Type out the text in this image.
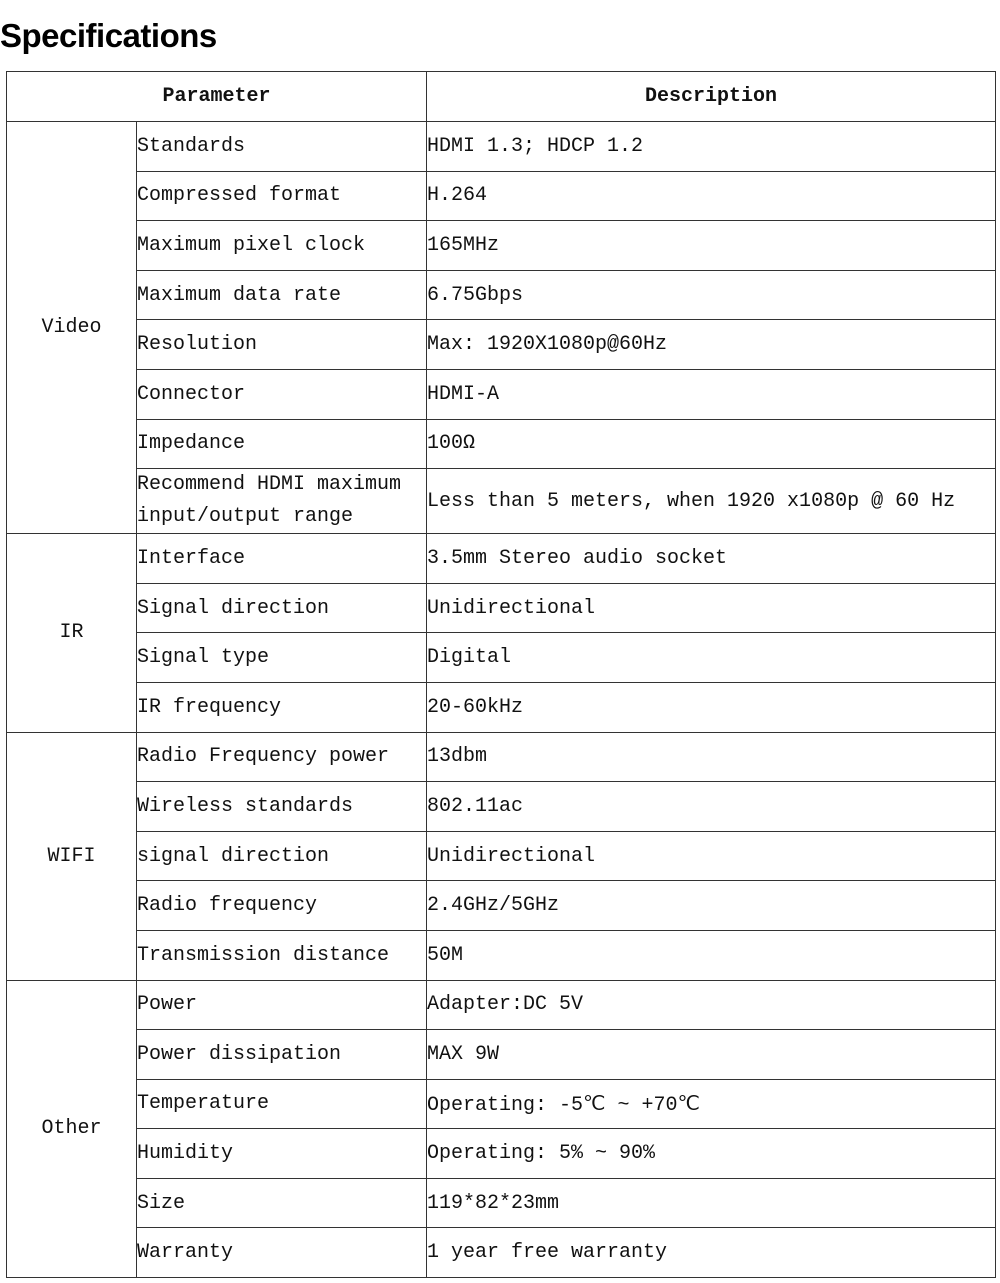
Specifications
Parameter		Description
Video	Standards	HDMI 1.3; HDCP 1.2
	Compressed format	H.264
	Maximum pixel clock	165MHz
	Maximum data rate	6.75Gbps
	Resolution	Max: 1920X1080p@60Hz
	Connector	HDMI-A
	Impedance	100Ω
	Recommend HDMI maximum input/output range	Less than 5 meters, when 1920 x1080p @ 60 Hz
IR	Interface	3.5mm Stereo audio socket
	Signal direction	Unidirectional
	Signal type	Digital
	IR frequency	20-60kHz
WIFI	Radio Frequency power	13dbm
	Wireless standards	802.11ac
	signal direction	Unidirectional
	Radio frequency	2.4GHz/5GHz
	Transmission distance	50M
Other	Power	Adapter:DC 5V
	Power dissipation	MAX 9W
	Temperature	Operating: -5℃ ~ +70℃
	Humidity	Operating: 5% ~ 90%
	Size	119*82*23mm
	Warranty	1 year free warranty
